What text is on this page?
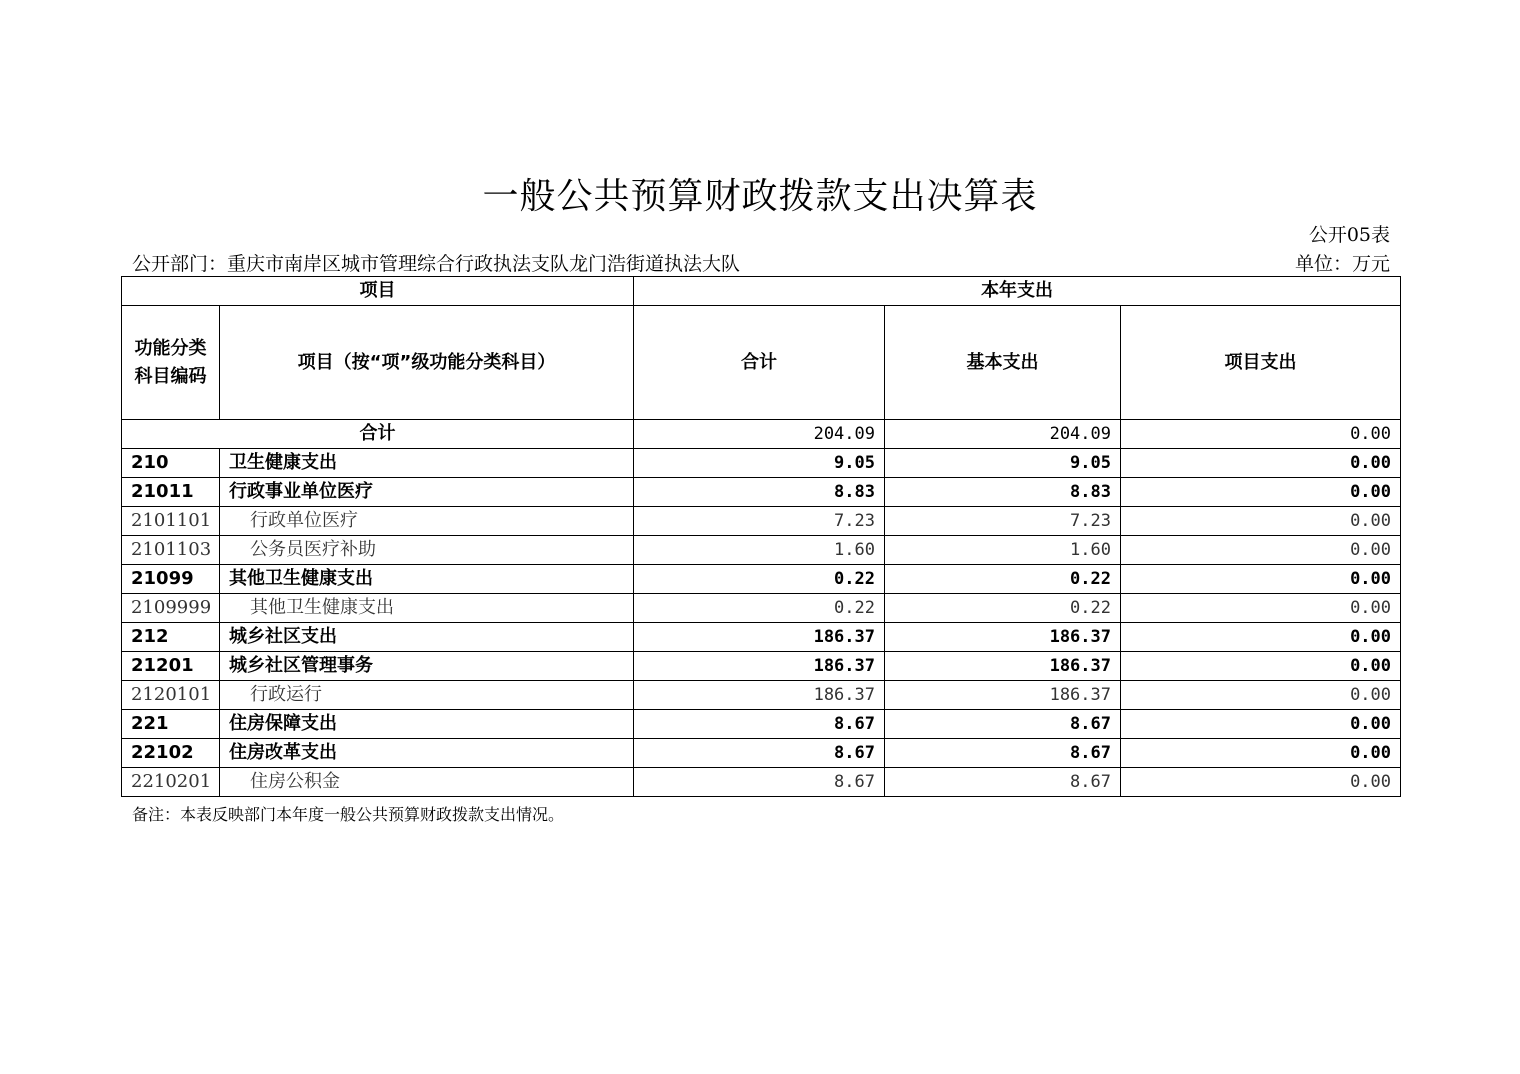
一般公共预算财政拨款支出决算表
公开05表
公开部门：重庆市南岸区城市管理综合行政执法支队龙门浩街道执法大队	单位：万元
项目		本年支出		
功能分类科目编码	项目（按“项”级功能分类科目）	合计	基本支出	项目支出
合计		204.09	204.09	0.00
210	卫生健康支出	9.05	9.05	0.00
21011	行政事业单位医疗	8.83	8.83	0.00
2101101	行政单位医疗	7.23	7.23	0.00
2101103	公务员医疗补助	1.60	1.60	0.00
21099	其他卫生健康支出	0.22	0.22	0.00
2109999	其他卫生健康支出	0.22	0.22	0.00
212	城乡社区支出	186.37	186.37	0.00
21201	城乡社区管理事务	186.37	186.37	0.00
2120101	行政运行	186.37	186.37	0.00
221	住房保障支出	8.67	8.67	0.00
22102	住房改革支出	8.67	8.67	0.00
2210201	住房公积金	8.67	8.67	0.00
备注：本表反映部门本年度一般公共预算财政拨款支出情况。
